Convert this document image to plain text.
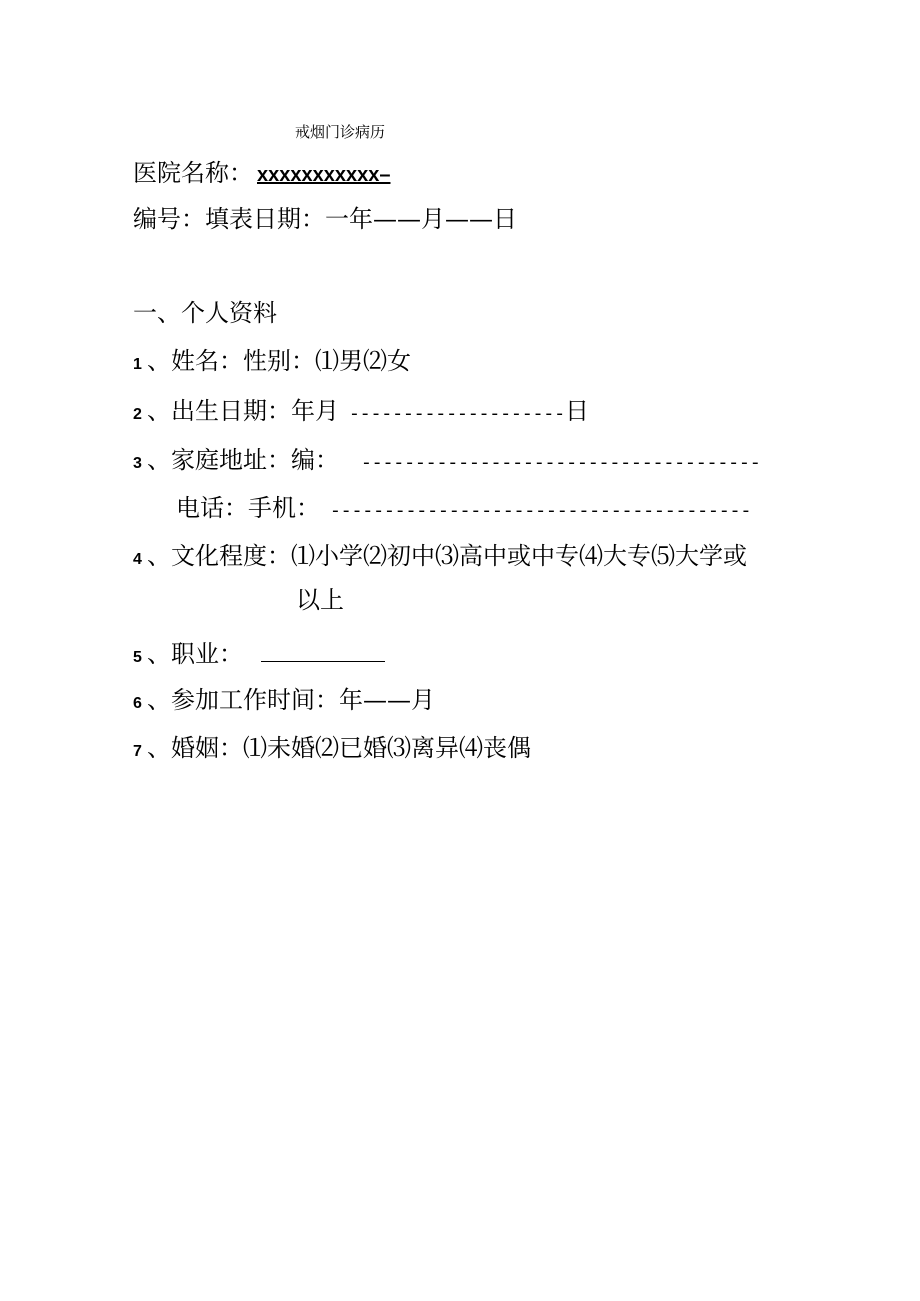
戒烟门诊病历
医院名称： xxxxxxxxxxx–
编号：填表日期：一年——月——日
一、个人资料
1 、姓名：性别：⑴男⑵女
2 、出生日期：年月 --------------------日
3 、家庭地址：编： -------------------------------------
电话：手机： ---------------------------------------
4 、文化程度：⑴小学⑵初中⑶高中或中专⑷大专⑸大学或
以上
5 、职业：
6 、参加工作时间：年——月
7 、婚姻：⑴未婚⑵已婚⑶离异⑷丧偶
